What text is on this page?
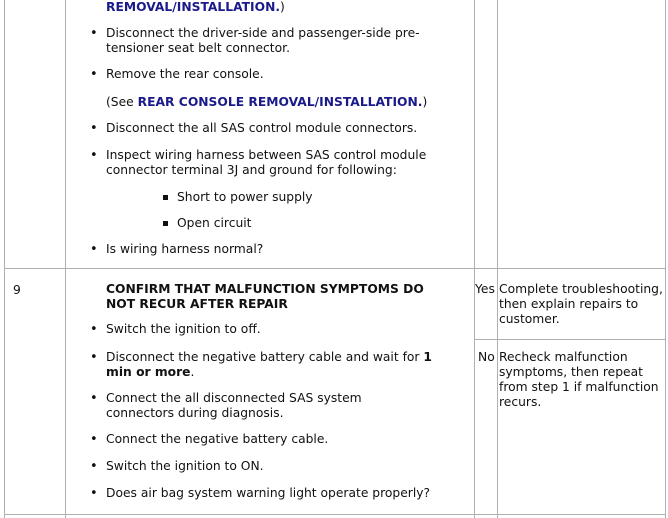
REMOVAL/INSTALLATION.)
•
Disconnect the driver-side and passenger-side pre-
tensioner seat belt connector.
•
Remove the rear console.
(See REAR CONSOLE REMOVAL/INSTALLATION.)
•
Disconnect the all SAS control module connectors.
•
Inspect wiring harness between SAS control module
connector terminal 3J and ground for following:
Short to power supply
Open circuit
•
Is wiring harness normal?
9	CONFIRM THAT MALFUNCTION SYMPTOMS DO
NOT RECUR AFTER REPAIR
•
Switch the ignition to off.
•
Disconnect the negative battery cable and wait for 1
min or more.
•
Connect the all disconnected SAS system
connectors during diagnosis.
•
Connect the negative battery cable.
•
Switch the ignition to ON.
•
Does air bag system warning light operate properly?
Yes Complete troubleshooting,
then explain repairs to
customer.
No Recheck malfunction
symptoms, then repeat
from step 1 if malfunction
recurs.
